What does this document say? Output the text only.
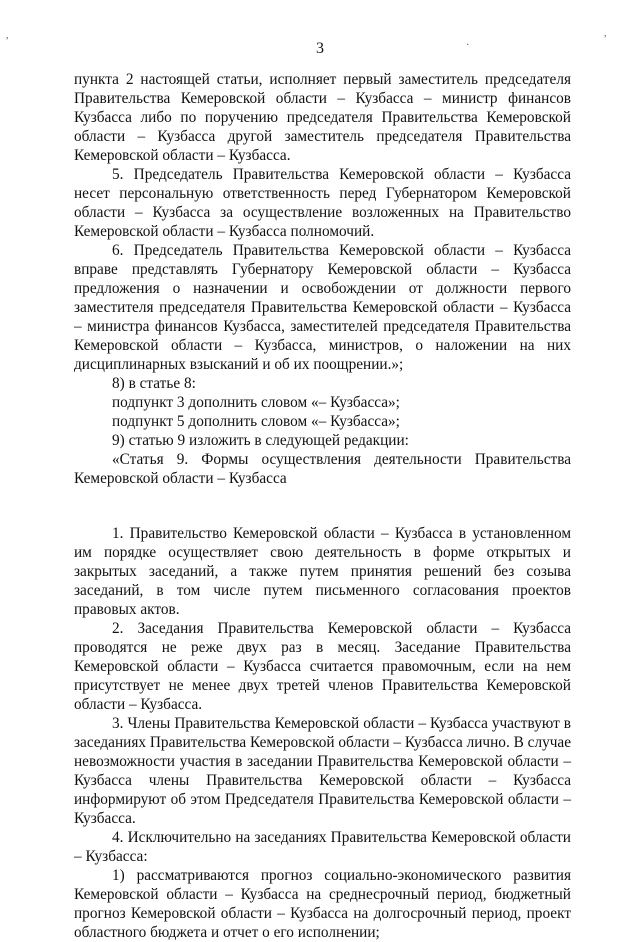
3
,
·
,

пункта 2 настоящей статьи, исполняет первый заместитель председателя Правительства Кемеровской области – Кузбасса – министр финансов Кузбасса либо по поручению председателя Правительства Кемеровской области – Кузбасса другой заместитель председателя Правительства Кемеровской области – Кузбасса.

5. Председатель Правительства Кемеровской области – Кузбасса несет персональную ответственность перед Губернатором Кемеровской области – Кузбасса за осуществление возложенных на Правительство Кемеровской области – Кузбасса полномочий.

6. Председатель Правительства Кемеровской области – Кузбасса вправе представлять Губернатору Кемеровской области – Кузбасса предложения о назначении и освобождении от должности первого заместителя председателя Правительства Кемеровской области – Кузбасса – министра финансов Кузбасса, заместителей председателя Правительства Кемеровской области – Кузбасса, министров, о наложении на них дисциплинарных взысканий и об их поощрении.»;

8) в статье 8:

подпункт 3 дополнить словом «– Кузбасса»;

подпункт 5 дополнить словом «– Кузбасса»;

9) статью 9 изложить в следующей редакции:

«Статья 9. Формы осуществления деятельности Правительства Кемеровской области – Кузбасса

1. Правительство Кемеровской области – Кузбасса в установленном им порядке осуществляет свою деятельность в форме открытых и закрытых заседаний, а также путем принятия решений без созыва заседаний, в том числе путем письменного согласования проектов правовых актов.

2. Заседания Правительства Кемеровской области – Кузбасса проводятся не реже двух раз в месяц. Заседание Правительства Кемеровской области – Кузбасса считается правомочным, если на нем присутствует не менее двух третей членов Правительства Кемеровской области – Кузбасса.

3. Члены Правительства Кемеровской области – Кузбасса участвуют в заседаниях Правительства Кемеровской области – Кузбасса лично. В случае невозможности участия в заседании Правительства Кемеровской области – Кузбасса члены Правительства Кемеровской области – Кузбасса информируют об этом Председателя Правительства Кемеровской области – Кузбасса.

4. Исключительно на заседаниях Правительства Кемеровской области – Кузбасса:

1) рассматриваются прогноз социально-экономического развития Кемеровской области – Кузбасса на среднесрочный период, бюджетный прогноз Кемеровской области – Кузбасса на долгосрочный период, проект областного бюджета и отчет о его исполнении;
